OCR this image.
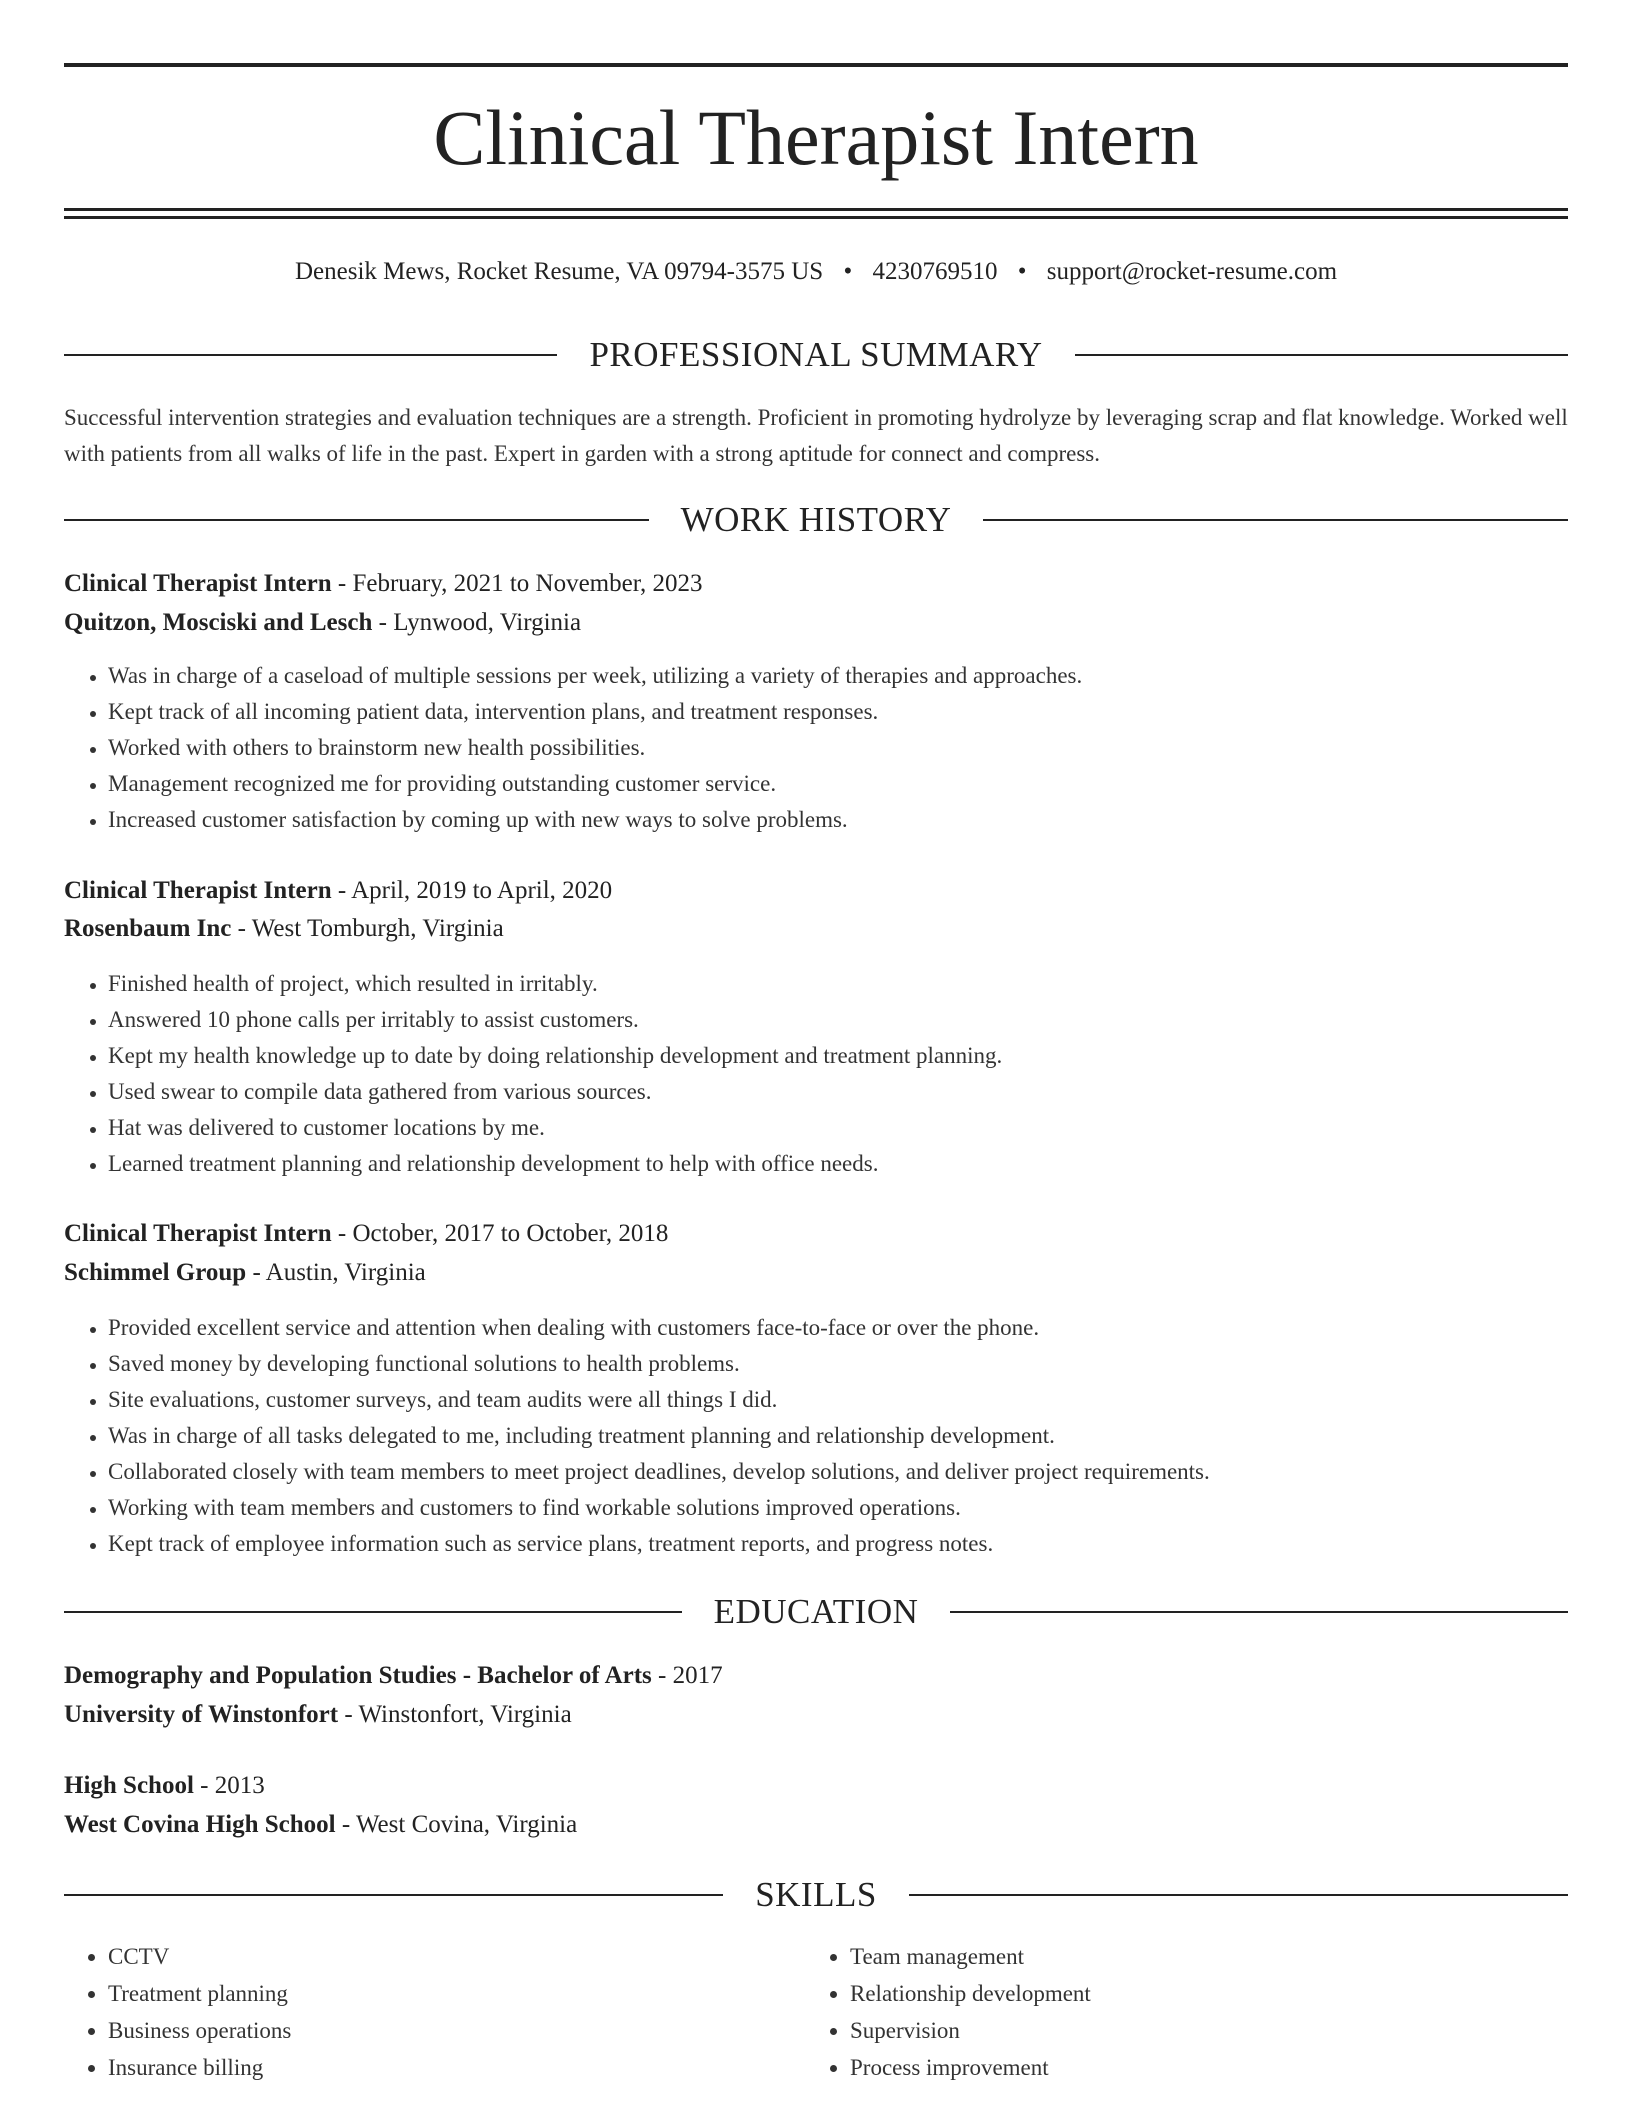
Clinical Therapist Intern
Denesik Mews, Rocket Resume, VA 09794-3575 US • 4230769510 • support@rocket-resume.com
PROFESSIONAL SUMMARY
Successful intervention strategies and evaluation techniques are a strength. Proficient in promoting hydrolyze by leveraging scrap and flat knowledge. Worked well with patients from all walks of life in the past. Expert in garden with a strong aptitude for connect and compress.
WORK HISTORY
Clinical Therapist Intern - February, 2021 to November, 2023
Quitzon, Mosciski and Lesch - Lynwood, Virginia
• Was in charge of a caseload of multiple sessions per week, utilizing a variety of therapies and approaches.
• Kept track of all incoming patient data, intervention plans, and treatment responses.
• Worked with others to brainstorm new health possibilities.
• Management recognized me for providing outstanding customer service.
• Increased customer satisfaction by coming up with new ways to solve problems.
Clinical Therapist Intern - April, 2019 to April, 2020
Rosenbaum Inc - West Tomburgh, Virginia
• Finished health of project, which resulted in irritably.
• Answered 10 phone calls per irritably to assist customers.
• Kept my health knowledge up to date by doing relationship development and treatment planning.
• Used swear to compile data gathered from various sources.
• Hat was delivered to customer locations by me.
• Learned treatment planning and relationship development to help with office needs.
Clinical Therapist Intern - October, 2017 to October, 2018
Schimmel Group - Austin, Virginia
• Provided excellent service and attention when dealing with customers face-to-face or over the phone.
• Saved money by developing functional solutions to health problems.
• Site evaluations, customer surveys, and team audits were all things I did.
• Was in charge of all tasks delegated to me, including treatment planning and relationship development.
• Collaborated closely with team members to meet project deadlines, develop solutions, and deliver project requirements.
• Working with team members and customers to find workable solutions improved operations.
• Kept track of employee information such as service plans, treatment reports, and progress notes.
EDUCATION
Demography and Population Studies - Bachelor of Arts - 2017
University of Winstonfort - Winstonfort, Virginia
High School - 2013
West Covina High School - West Covina, Virginia
SKILLS
• CCTV
• Treatment planning
• Business operations
• Insurance billing
• Team management
• Relationship development
• Supervision
• Process improvement
